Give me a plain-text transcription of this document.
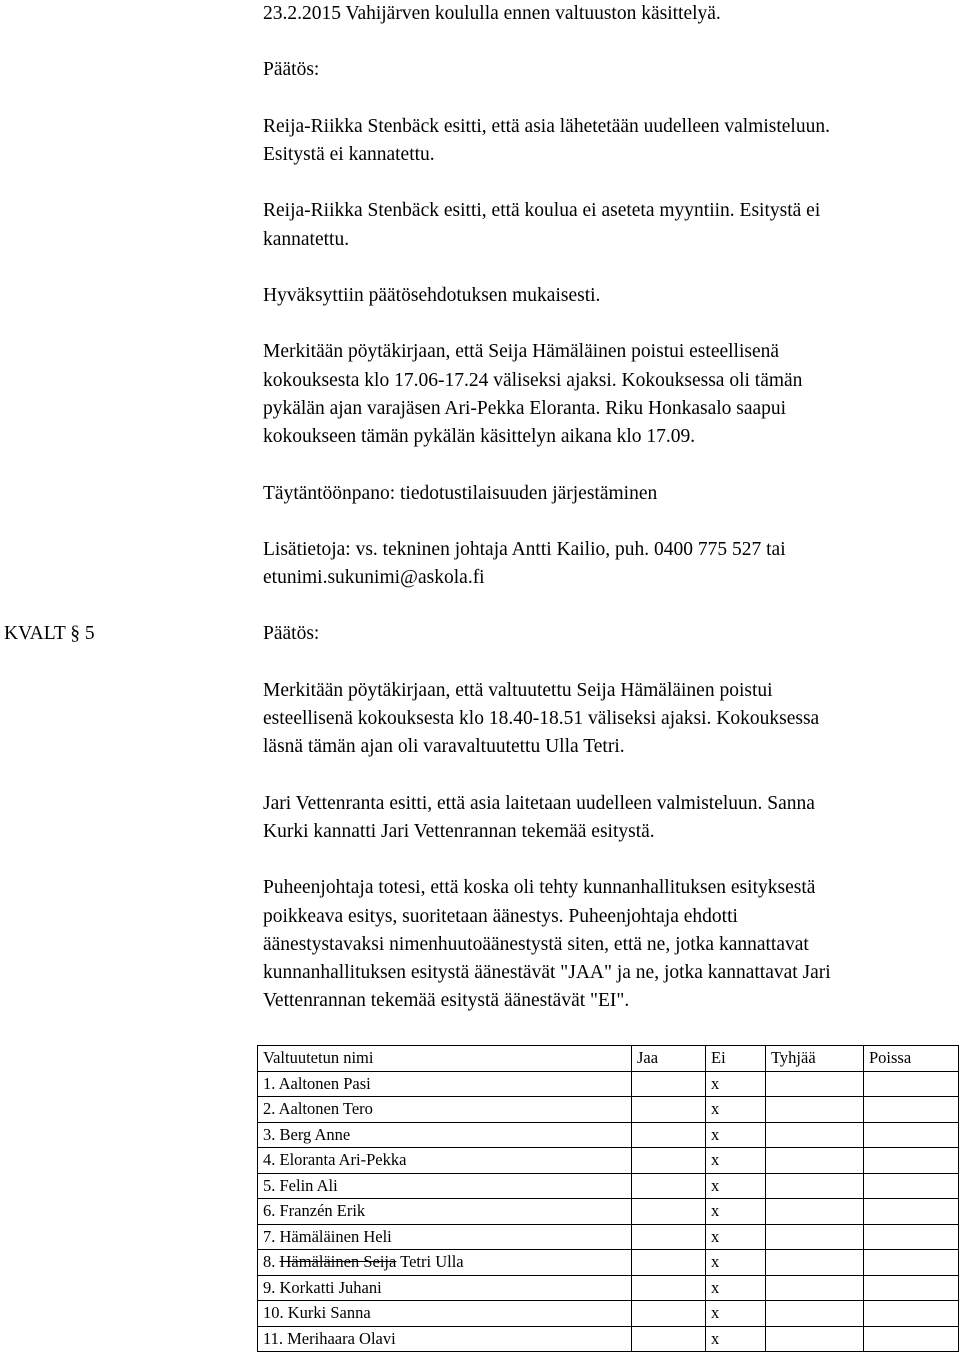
23.2.2015 Vahijärven koululla ennen valtuuston käsittelyä.
Päätös:
Reija-Riikka Stenbäck esitti, että asia lähetetään uudelleen valmisteluun.
Esitystä ei kannatettu.
Reija-Riikka Stenbäck esitti, että koulua ei aseteta myyntiin. Esitystä ei
kannatettu.
Hyväksyttiin päätösehdotuksen mukaisesti.
Merkitään pöytäkirjaan, että Seija Hämäläinen poistui esteellisenä
kokouksesta klo 17.06-17.24 väliseksi ajaksi. Kokouksessa oli tämän
pykälän ajan varajäsen Ari-Pekka Eloranta. Riku Honkasalo saapui
kokoukseen tämän pykälän käsittelyn aikana klo 17.09.
Täytäntöönpano: tiedotustilaisuuden järjestäminen
Lisätietoja: vs. tekninen johtaja Antti Kailio, puh. 0400 775 527 tai
etunimi.sukunimi@askola.fi
Päätös:
Merkitään pöytäkirjaan, että valtuutettu Seija Hämäläinen poistui
esteellisenä kokouksesta klo 18.40-18.51 väliseksi ajaksi. Kokouksessa
läsnä tämän ajan oli varavaltuutettu Ulla Tetri.
Jari Vettenranta esitti, että asia laitetaan uudelleen valmisteluun. Sanna
Kurki kannatti Jari Vettenrannan tekemää esitystä.
Puheenjohtaja totesi, että koska oli tehty kunnanhallituksen esityksestä
poikkeava esitys, suoritetaan äänestys. Puheenjohtaja ehdotti
äänestystavaksi nimenhuutoäänestystä siten, että ne, jotka kannattavat
kunnanhallituksen esitystä äänestävät "JAA" ja ne, jotka kannattavat Jari
Vettenrannan tekemää esitystä äänestävät "EI".
KVALT § 5
Valtuutetun nimi	Jaa	Ei	Tyhjää	Poissa
1. Aaltonen Pasi		x		
2. Aaltonen Tero		x		
3. Berg Anne		x		
4. Eloranta Ari-Pekka		x		
5. Felin Ali		x		
6. Franzén Erik		x		
7. Hämäläinen Heli		x		
8. Hämäläinen Seija Tetri Ulla		x		
9. Korkatti Juhani		x		
10. Kurki Sanna		x		
11. Merihaara Olavi		x		
